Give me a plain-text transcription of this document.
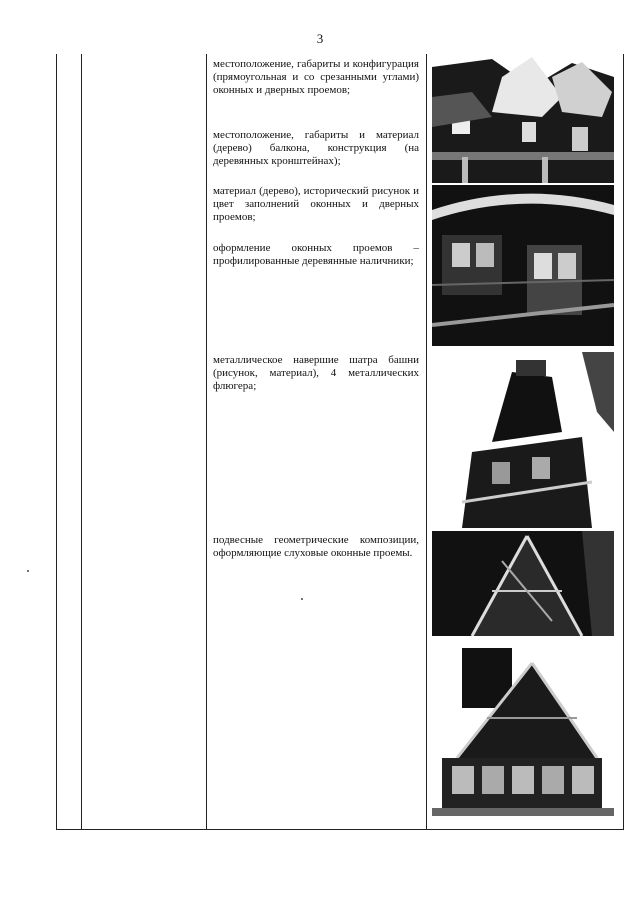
3
местоположение, габариты и конфигурация (прямоугольная и со срезанными углами) оконных и дверных проемов;
местоположение, габариты и материал (дерево) балкона, конструкция (на деревянных кронштейнах);
материал (дерево), исторический рисунок и цвет заполнений оконных и дверных проемов;
оформление оконных проемов – профилированные деревянные наличники;
металлическое навершие шатра башни (рисунок, материал), 4 металлических флюгера;
подвесные геометрические композиции, оформляющие слуховые оконные проемы.
